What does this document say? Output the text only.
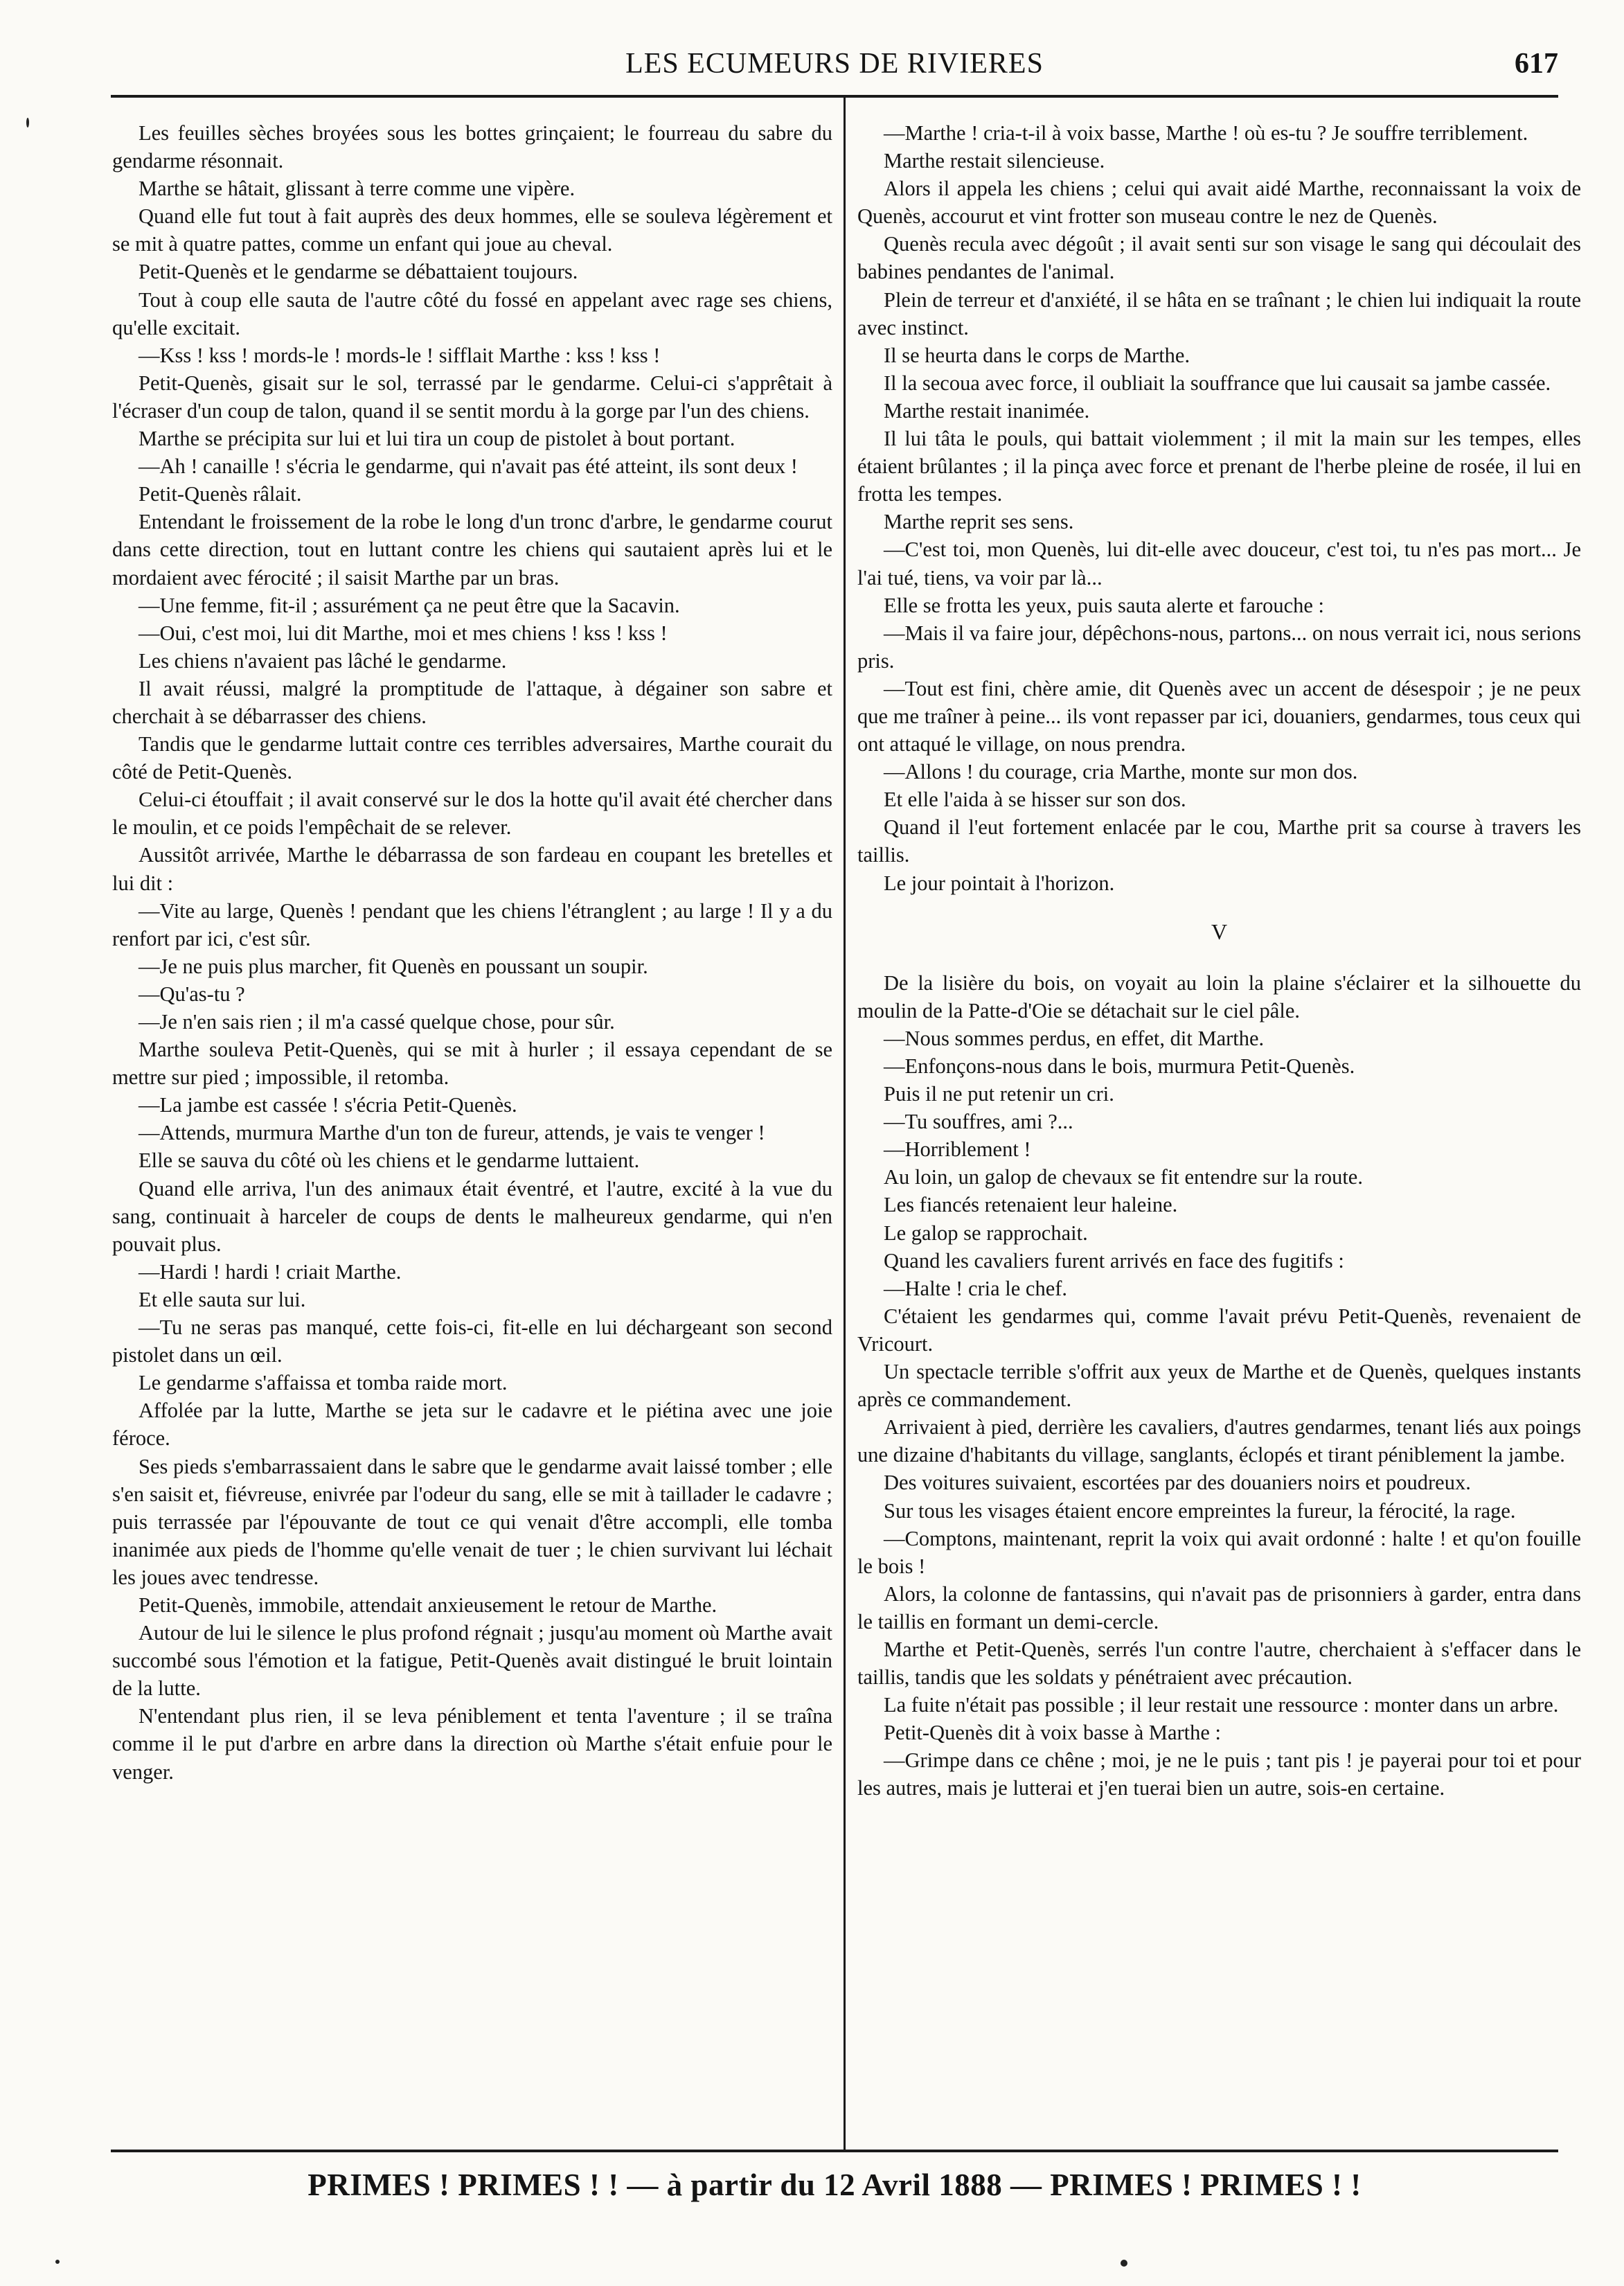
LES ECUMEURS DE RIVIERES	617

Les feuilles sèches broyées sous les bottes grinçaient; le fourreau du sabre du gendarme résonnait.

Marthe se hâtait, glissant à terre comme une vipère.

Quand elle fut tout à fait auprès des deux hommes, elle se souleva légèrement et se mit à quatre pattes, comme un enfant qui joue au cheval.

Petit-Quenès et le gendarme se débattaient toujours.

Tout à coup elle sauta de l'autre côté du fossé en appelant avec rage ses chiens, qu'elle excitait.

—Kss ! kss ! mords-le ! mords-le ! sifflait Marthe : kss ! kss !

Petit-Quenès, gisait sur le sol, terrassé par le gendarme. Celui-ci s'apprêtait à l'écraser d'un coup de talon, quand il se sentit mordu à la gorge par l'un des chiens.

Marthe se précipita sur lui et lui tira un coup de pistolet à bout portant.

—Ah ! canaille ! s'écria le gendarme, qui n'avait pas été atteint, ils sont deux !

Petit-Quenès râlait.

Entendant le froissement de la robe le long d'un tronc d'arbre, le gendarme courut dans cette direction, tout en luttant contre les chiens qui sautaient après lui et le mordaient avec férocité ; il saisit Marthe par un bras.

—Une femme, fit-il ; assurément ça ne peut être que la Sacavin.

—Oui, c'est moi, lui dit Marthe, moi et mes chiens ! kss ! kss !

Les chiens n'avaient pas lâché le gendarme.

Il avait réussi, malgré la promptitude de l'attaque, à dégainer son sabre et cherchait à se débarrasser des chiens.

Tandis que le gendarme luttait contre ces terribles adversaires, Marthe courait du côté de Petit-Quenès.

Celui-ci étouffait ; il avait conservé sur le dos la hotte qu'il avait été chercher dans le moulin, et ce poids l'empêchait de se relever.

Aussitôt arrivée, Marthe le débarrassa de son fardeau en coupant les bretelles et lui dit :

—Vite au large, Quenès ! pendant que les chiens l'étranglent ; au large ! Il y a du renfort par ici, c'est sûr.

—Je ne puis plus marcher, fit Quenès en poussant un soupir.

—Qu'as-tu ?

—Je n'en sais rien ; il m'a cassé quelque chose, pour sûr.

Marthe souleva Petit-Quenès, qui se mit à hurler ; il essaya cependant de se mettre sur pied ; impossible, il retomba.

—La jambe est cassée ! s'écria Petit-Quenès.

—Attends, murmura Marthe d'un ton de fureur, attends, je vais te venger !

Elle se sauva du côté où les chiens et le gendarme luttaient.

Quand elle arriva, l'un des animaux était éventré, et l'autre, excité à la vue du sang, continuait à harceler de coups de dents le malheureux gendarme, qui n'en pouvait plus.

—Hardi ! hardi ! criait Marthe.

Et elle sauta sur lui.

—Tu ne seras pas manqué, cette fois-ci, fit-elle en lui déchargeant son second pistolet dans un œil.

Le gendarme s'affaissa et tomba raide mort.

Affolée par la lutte, Marthe se jeta sur le cadavre et le piétina avec une joie féroce.

Ses pieds s'embarrassaient dans le sabre que le gendarme avait laissé tomber ; elle s'en saisit et, fiévreuse, enivrée par l'odeur du sang, elle se mit à taillader le cadavre ; puis terrassée par l'épouvante de tout ce qui venait d'être accompli, elle tomba inanimée aux pieds de l'homme qu'elle venait de tuer ; le chien survivant lui léchait les joues avec tendresse.

Petit-Quenès, immobile, attendait anxieusement le retour de Marthe.

Autour de lui le silence le plus profond régnait ; jusqu'au moment où Marthe avait succombé sous l'émotion et la fatigue, Petit-Quenès avait distingué le bruit lointain de la lutte.

N'entendant plus rien, il se leva péniblement et tenta l'aventure ; il se traîna comme il le put d'arbre en arbre dans la direction où Marthe s'était enfuie pour le venger.

—Marthe ! cria-t-il à voix basse, Marthe ! où es-tu ? Je souffre terriblement.

Marthe restait silencieuse.

Alors il appela les chiens ; celui qui avait aidé Marthe, reconnaissant la voix de Quenès, accourut et vint frotter son museau contre le nez de Quenès.

Quenès recula avec dégoût ; il avait senti sur son visage le sang qui découlait des babines pendantes de l'animal.

Plein de terreur et d'anxiété, il se hâta en se traînant ; le chien lui indiquait la route avec instinct.

Il se heurta dans le corps de Marthe.

Il la secoua avec force, il oubliait la souffrance que lui causait sa jambe cassée.

Marthe restait inanimée.

Il lui tâta le pouls, qui battait violemment ; il mit la main sur les tempes, elles étaient brûlantes ; il la pinça avec force et prenant de l'herbe pleine de rosée, il lui en frotta les tempes.

Marthe reprit ses sens.

—C'est toi, mon Quenès, lui dit-elle avec douceur, c'est toi, tu n'es pas mort... Je l'ai tué, tiens, va voir par là...

Elle se frotta les yeux, puis sauta alerte et farouche :

—Mais il va faire jour, dépêchons-nous, partons... on nous verrait ici, nous serions pris.

—Tout est fini, chère amie, dit Quenès avec un accent de désespoir ; je ne peux que me traîner à peine... ils vont repasser par ici, douaniers, gendarmes, tous ceux qui ont attaqué le village, on nous prendra.

—Allons ! du courage, cria Marthe, monte sur mon dos.

Et elle l'aida à se hisser sur son dos.

Quand il l'eut fortement enlacée par le cou, Marthe prit sa course à travers les taillis.

Le jour pointait à l'horizon.

V

De la lisière du bois, on voyait au loin la plaine s'éclairer et la silhouette du moulin de la Patte-d'Oie se détachait sur le ciel pâle.

—Nous sommes perdus, en effet, dit Marthe.

—Enfonçons-nous dans le bois, murmura Petit-Quenès.

Puis il ne put retenir un cri.

—Tu souffres, ami ?...

—Horriblement !

Au loin, un galop de chevaux se fit entendre sur la route.

Les fiancés retenaient leur haleine.

Le galop se rapprochait.

Quand les cavaliers furent arrivés en face des fugitifs :

—Halte ! cria le chef.

C'étaient les gendarmes qui, comme l'avait prévu Petit-Quenès, revenaient de Vricourt.

Un spectacle terrible s'offrit aux yeux de Marthe et de Quenès, quelques instants après ce commandement.

Arrivaient à pied, derrière les cavaliers, d'autres gendarmes, tenant liés aux poings une dizaine d'habitants du village, sanglants, éclopés et tirant péniblement la jambe.

Des voitures suivaient, escortées par des douaniers noirs et poudreux.

Sur tous les visages étaient encore empreintes la fureur, la férocité, la rage.

—Comptons, maintenant, reprit la voix qui avait ordonné : halte ! et qu'on fouille le bois !

Alors, la colonne de fantassins, qui n'avait pas de prisonniers à garder, entra dans le taillis en formant un demi-cercle.

Marthe et Petit-Quenès, serrés l'un contre l'autre, cherchaient à s'effacer dans le taillis, tandis que les soldats y pénétraient avec précaution.

La fuite n'était pas possible ; il leur restait une ressource : monter dans un arbre.

Petit-Quenès dit à voix basse à Marthe :

—Grimpe dans ce chêne ; moi, je ne le puis ; tant pis ! je payerai pour toi et pour les autres, mais je lutterai et j'en tuerai bien un autre, sois-en certaine.

PRIMES ! PRIMES ! ! — à partir du 12 Avril 1888 — PRIMES ! PRIMES ! !
